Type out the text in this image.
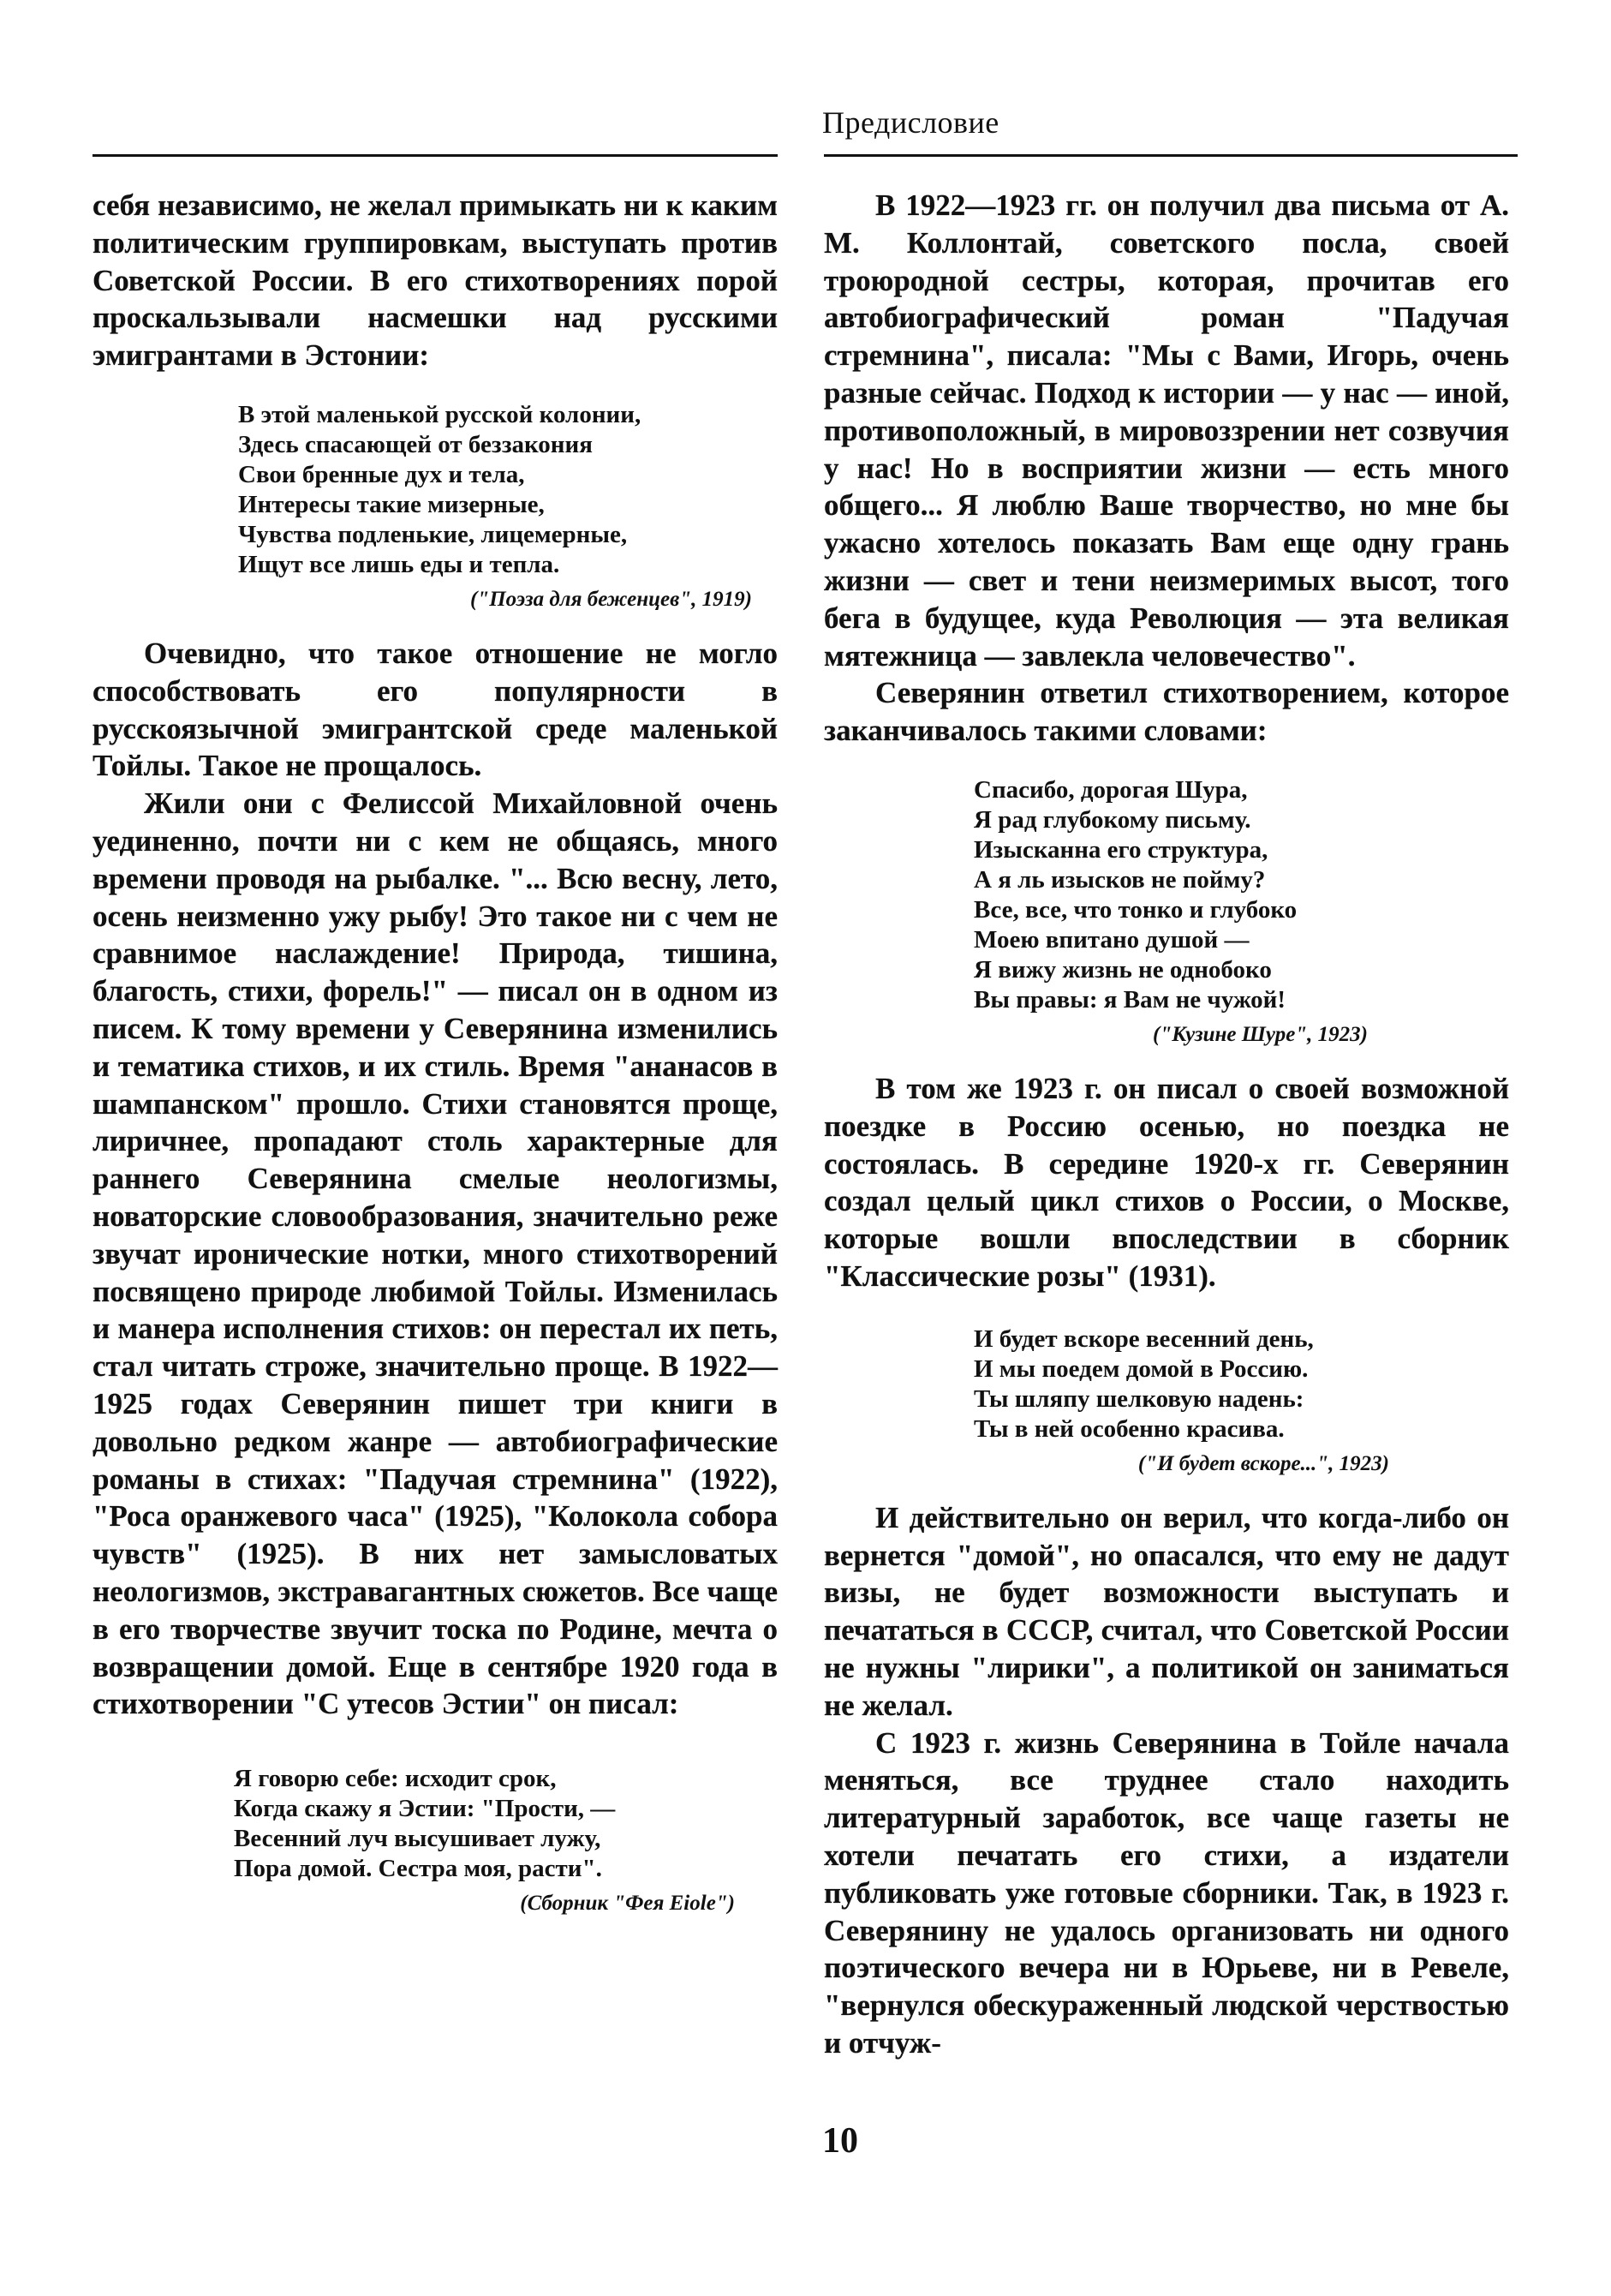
Предисловие

себя независимо, не желал примыкать ни к каким политическим группировкам, выступать против Советской России. В его стихотворениях порой проскальзывали насмешки над русскими эмигрантами в Эстонии:

В этой маленькой русской колонии,
Здесь спасающей от беззакония
Свои бренные дух и тела,
Интересы такие мизерные,
Чувства подленькие, лицемерные,
Ищут все лишь еды и тепла.
("Поэза для беженцев", 1919)

Очевидно, что такое отношение не могло способствовать его популярности в русскоязычной эмигрантской среде маленькой Тойлы. Такое не прощалось.

Жили они с Фелиссой Михайловной очень уединенно, почти ни с кем не общаясь, много времени проводя на рыбалке. "... Всю весну, лето, осень неизменно ужу рыбу! Это такое ни с чем не сравнимое наслаждение! Природа, тишина, благость, стихи, форель!" — писал он в одном из писем. К тому времени у Северянина изменились и тематика стихов, и их стиль. Время "ананасов в шампанском" прошло. Стихи становятся проще, лиричнее, пропадают столь характерные для раннего Северянина смелые неологизмы, новаторские словообразования, значительно реже звучат иронические нотки, много стихотворений посвящено природе любимой Тойлы. Изменилась и манера исполнения стихов: он перестал их петь, стал читать строже, значительно проще. В 1922—1925 годах Северянин пишет три книги в довольно редком жанре — автобиографические романы в стихах: "Падучая стремнина" (1922), "Роса оранжевого часа" (1925), "Колокола собора чувств" (1925). В них нет замысловатых неологизмов, экстравагантных сюжетов. Все чаще в его творчестве звучит тоска по Родине, мечта о возвращении домой. Еще в сентябре 1920 года в стихотворении "С утесов Эстии" он писал:

Я говорю себе: исходит срок,
Когда скажу я Эстии: "Прости, —
Весенний луч высушивает лужу,
Пора домой. Сестра моя, расти".
(Сборник "Фея Eiole")

В 1922—1923 гг. он получил два письма от А. М. Коллонтай, советского посла, своей троюродной сестры, которая, прочитав его автобиографический роман "Падучая стремнина", писала: "Мы с Вами, Игорь, очень разные сейчас. Подход к истории — у нас — иной, противоположный, в мировоззрении нет созвучия у нас! Но в восприятии жизни — есть много общего... Я люблю Ваше творчество, но мне бы ужасно хотелось показать Вам еще одну грань жизни — свет и тени неизмеримых высот, того бега в будущее, куда Революция — эта великая мятежница — завлекла человечество".

Северянин ответил стихотворением, которое заканчивалось такими словами:

Спасибо, дорогая Шура,
Я рад глубокому письму.
Изысканна его структура,
А я ль изысков не пойму?
Все, все, что тонко и глубоко
Моею впитано душой —
Я вижу жизнь не однобоко
Вы правы: я Вам не чужой!
("Кузине Шуре", 1923)

В том же 1923 г. он писал о своей возможной поездке в Россию осенью, но поездка не состоялась. В середине 1920-х гг. Северянин создал целый цикл стихов о России, о Москве, которые вошли впоследствии в сборник "Классические розы" (1931).

И будет вскоре весенний день,
И мы поедем домой в Россию.
Ты шляпу шелковую надень:
Ты в ней особенно красива.
("И будет вскоре...", 1923)

И действительно он верил, что когда-либо он вернется "домой", но опасался, что ему не дадут визы, не будет возможности выступать и печататься в СССР, считал, что Советской России не нужны "лирики", а политикой он заниматься не желал.

С 1923 г. жизнь Северянина в Тойле начала меняться, все труднее стало находить литературный заработок, все чаще газеты не хотели печатать его стихи, а издатели публиковать уже готовые сборники. Так, в 1923 г. Северянину не удалось организовать ни одного поэтического вечера ни в Юрьеве, ни в Ревеле, "вернулся обескураженный людской черствостью и отчуж-

10
